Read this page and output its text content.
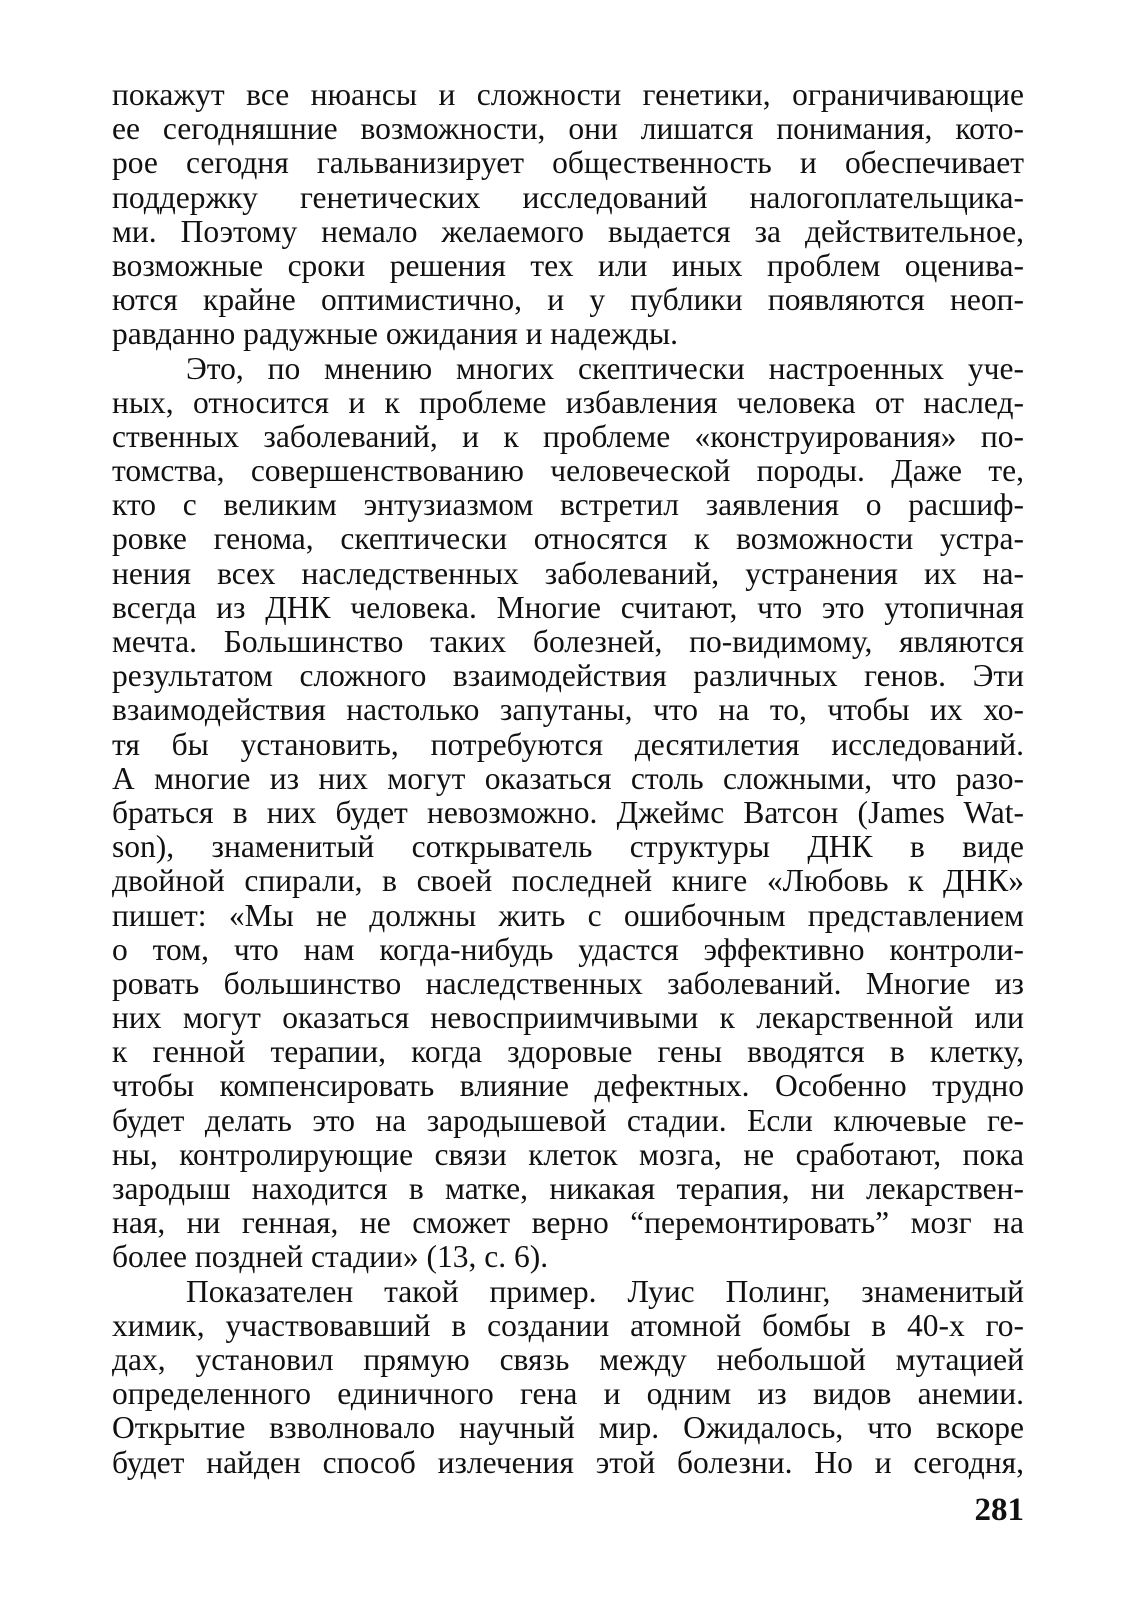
покажут все нюансы и сложности генетики, ограничивающие
ее сегодняшние возможности, они лишатся понимания, кото-
рое сегодня гальванизирует общественность и обеспечивает
поддержку генетических исследований налогоплательщика-
ми. Поэтому немало желаемого выдается за действительное,
возможные сроки решения тех или иных проблем оценива-
ются крайне оптимистично, и у публики появляются неоп-
равданно радужные ожидания и надежды.
Это, по мнению многих скептически настроенных уче-
ных, относится и к проблеме избавления человека от наслед-
ственных заболеваний, и к проблеме «конструирования» по-
томства, совершенствованию человеческой породы. Даже те,
кто с великим энтузиазмом встретил заявления о расшиф-
ровке генома, скептически относятся к возможности устра-
нения всех наследственных заболеваний, устранения их на-
всегда из ДНК человека. Многие считают, что это утопичная
мечта. Большинство таких болезней, по-видимому, являются
результатом сложного взаимодействия различных генов. Эти
взаимодействия настолько запутаны, что на то, чтобы их хо-
тя бы установить, потребуются десятилетия исследований.
А многие из них могут оказаться столь сложными, что разо-
браться в них будет невозможно. Джеймс Ватсон (James Wat-
son), знаменитый соткрыватель структуры ДНК в виде
двойной спирали, в своей последней книге «Любовь к ДНК»
пишет: «Мы не должны жить с ошибочным представлением
о том, что нам когда-нибудь удастся эффективно контроли-
ровать большинство наследственных заболеваний. Многие из
них могут оказаться невосприимчивыми к лекарственной или
к генной терапии, когда здоровые гены вводятся в клетку,
чтобы компенсировать влияние дефектных. Особенно трудно
будет делать это на зародышевой стадии. Если ключевые ге-
ны, контролирующие связи клеток мозга, не сработают, пока
зародыш находится в матке, никакая терапия, ни лекарствен-
ная, ни генная, не сможет верно “перемонтировать” мозг на
более поздней стадии» (13, с. 6).
Показателен такой пример. Луис Полинг, знаменитый
химик, участвовавший в создании атомной бомбы в 40-х го-
дах, установил прямую связь между небольшой мутацией
определенного единичного гена и одним из видов анемии.
Открытие взволновало научный мир. Ожидалось, что вскоре
будет найден способ излечения этой болезни. Но и сегодня,
281
